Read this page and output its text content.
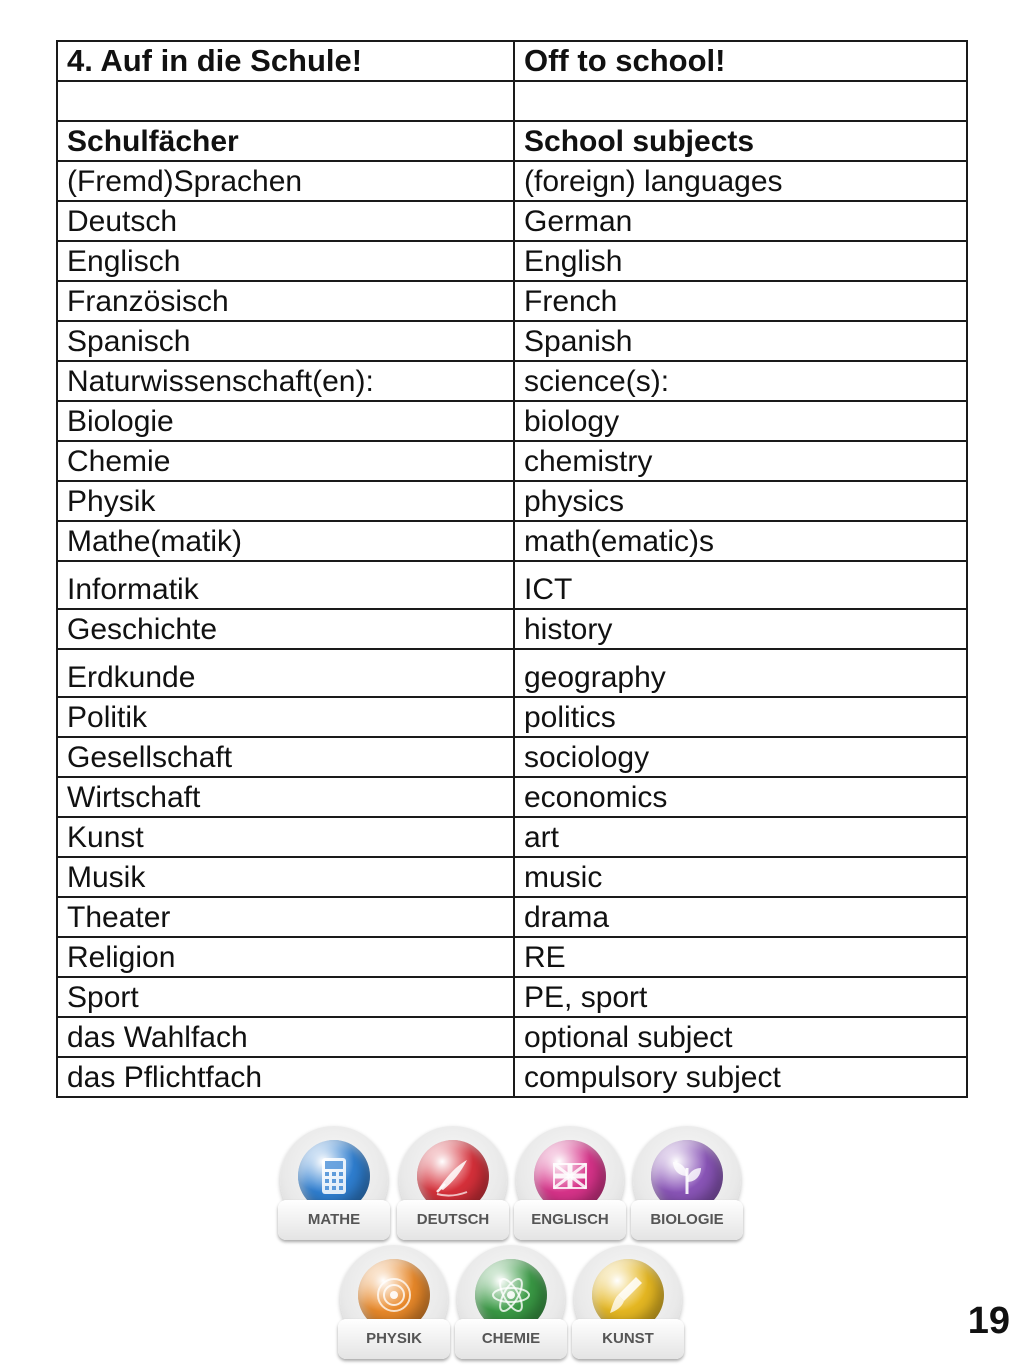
4. Auf in die Schule!	Off to school!

Schulfächer	School subjects
(Fremd)Sprachen	(foreign) languages
Deutsch	German
Englisch	English
Französisch	French
Spanisch	Spanish
Naturwissenschaft(en):	science(s):
Biologie	biology
Chemie	chemistry
Physik	physics
Mathe(matik)	math(ematic)s
Informatik	ICT
Geschichte	history
Erdkunde	geography
Politik	politics
Gesellschaft	sociology
Wirtschaft	economics
Kunst	art
Musik	music
Theater	drama
Religion	RE
Sport	PE, sport
das Wahlfach	optional subject
das Pflichtfach	compulsory subject
MATHE	DEUTSCH	ENGLISCH	BIOLOGIE
PHYSIK	CHEMIE	KUNST	19
